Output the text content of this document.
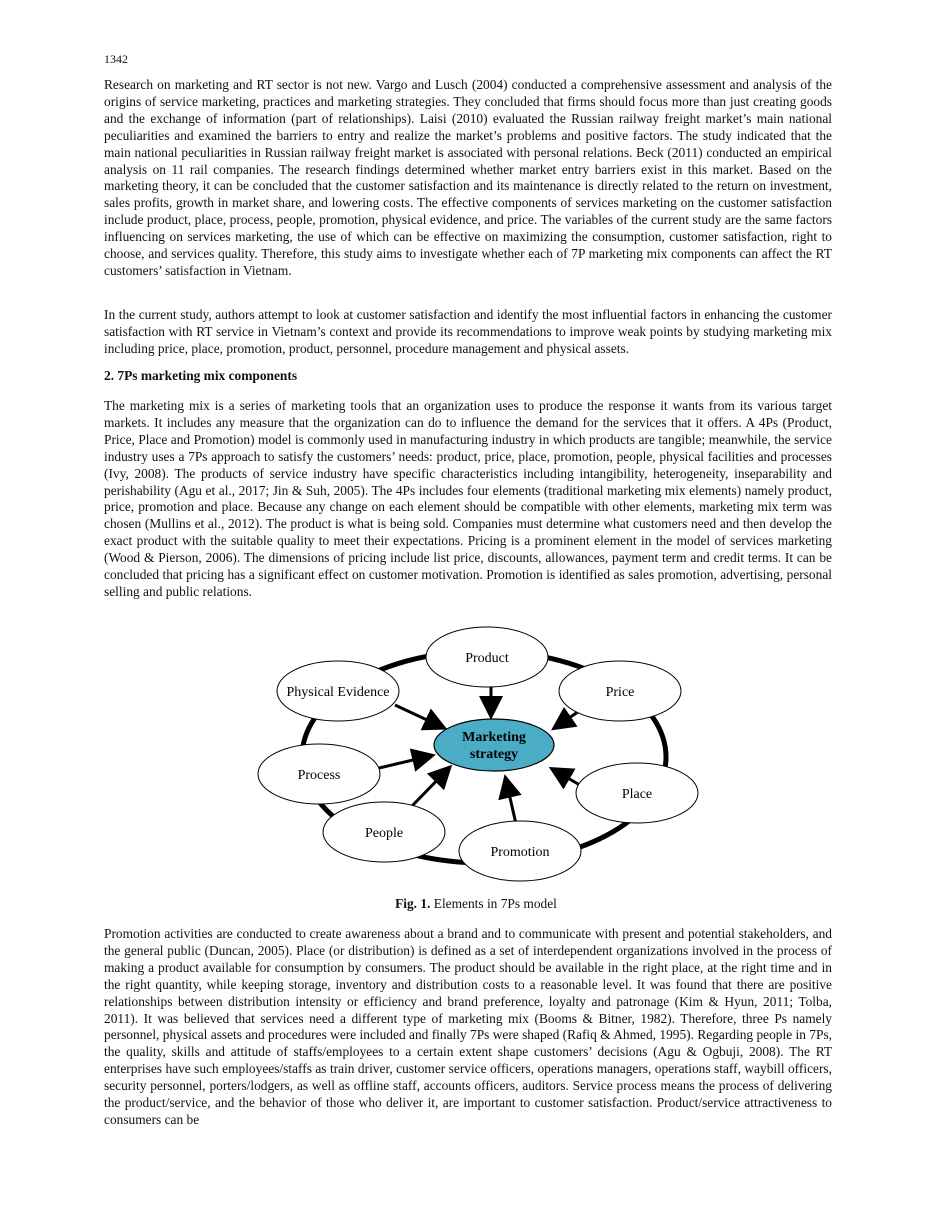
1342

Research on marketing and RT sector is not new. Vargo and Lusch (2004) conducted a comprehensive assessment and analysis of the origins of service marketing, practices and marketing strategies. They concluded that firms should focus more than just creating goods and the exchange of information (part of relationships). Laisi (2010) evaluated the Russian railway freight market’s main national peculiarities and examined the barriers to entry and realize the market’s problems and positive factors. The study indicated that the main national peculiarities in Russian railway freight market is associated with personal relations. Beck (2011) conducted an empirical analysis on 11 rail companies. The research findings determined whether market entry barriers exist in this market. Based on the marketing theory, it can be concluded that the customer satisfaction and its maintenance is directly related to the return on investment, sales profits, growth in market share, and lowering costs. The effective components of services marketing on the customer satisfaction include product, place, process, people, promotion, physical evidence, and price. The variables of the current study are the same factors influencing on services marketing, the use of which can be effective on maximizing the consumption, customer satisfaction, right to choose, and services quality. Therefore, this study aims to investigate whether each of 7P marketing mix components can affect the RT customers’ satisfaction in Vietnam.

In the current study, authors attempt to look at customer satisfaction and identify the most influential factors in enhancing the customer satisfaction with RT service in Vietnam’s context and provide its recommendations to improve weak points by studying marketing mix including price, place, promotion, product, personnel, procedure management and physical assets.

2. 7Ps marketing mix components

The marketing mix is a series of marketing tools that an organization uses to produce the response it wants from its various target markets. It includes any measure that the organization can do to influence the demand for the services that it offers. A 4Ps (Product, Price, Place and Promotion) model is commonly used in manufacturing industry in which products are tangible; meanwhile, the service industry uses a 7Ps approach to satisfy the customers’ needs: product, price, place, promotion, people, physical facilities and processes (Ivy, 2008). The products of service industry have specific characteristics including intangibility, heterogeneity, inseparability and perishability (Agu et al., 2017; Jin & Suh, 2005). The 4Ps includes four elements (traditional marketing mix elements) namely product, price, promotion and place. Because any change on each element should be compatible with other elements, marketing mix term was chosen (Mullins et al., 2012). The product is what is being sold. Companies must determine what customers need and then develop the exact product with the suitable quality to meet their expectations. Pricing is a prominent element in the model of services marketing (Wood & Pierson, 2006). The dimensions of pricing include list price, discounts, allowances, payment term and credit terms. It can be concluded that pricing has a significant effect on customer motivation. Promotion is identified as sales promotion, advertising, personal selling and public relations.

Marketing
strategy
Product
Price
Place
Promotion
People
Process
Physical Evidence
Fig. 1. Elements in 7Ps model

Promotion activities are conducted to create awareness about a brand and to communicate with present and potential stakeholders, and the general public (Duncan, 2005). Place (or distribution) is defined as a set of interdependent organizations involved in the process of making a product available for consumption by consumers. The product should be available in the right place, at the right time and in the right quantity, while keeping storage, inventory and distribution costs to a reasonable level. It was found that there are positive relationships between distribution intensity or efficiency and brand preference, loyalty and patronage (Kim & Hyun, 2011; Tolba, 2011). It was believed that services need a different type of marketing mix (Booms & Bitner, 1982). Therefore, three Ps namely personnel, physical assets and procedures were included and finally 7Ps were shaped (Rafiq & Ahmed, 1995). Regarding people in 7Ps, the quality, skills and attitude of staffs/employees to a certain extent shape customers’ decisions (Agu & Ogbuji, 2008). The RT enterprises have such employees/staffs as train driver, customer service officers, operations managers, operations staff, waybill officers, security personnel, porters/lodgers, as well as offline staff, accounts officers, auditors. Service process means the process of delivering the product/service, and the behavior of those who deliver it, are important to customer satisfaction. Product/service attractiveness to consumers can be
